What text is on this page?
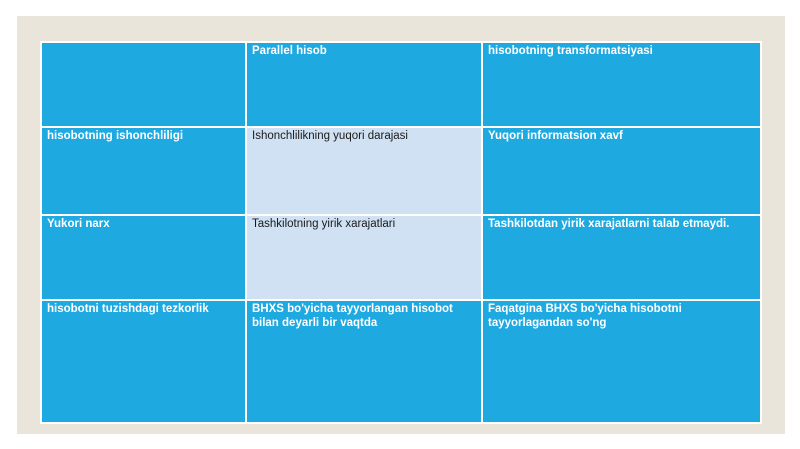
	Parallel hisob	hisobotning transformatsiyasi
hisobotning ishonchliligi	Ishonchlilikning yuqori darajasi	Yuqori informatsion xavf
Yukori narx	Tashkilotning yirik xarajatlari	Tashkilotdan yirik xarajatlarni talab etmaydi.
hisobotni tuzishdagi tezkorlik	BHXS bo'yicha tayyorlangan hisobot bilan deyarli bir vaqtda	Faqatgina BHXS bo'yicha hisobotni tayyorlagandan so'ng
